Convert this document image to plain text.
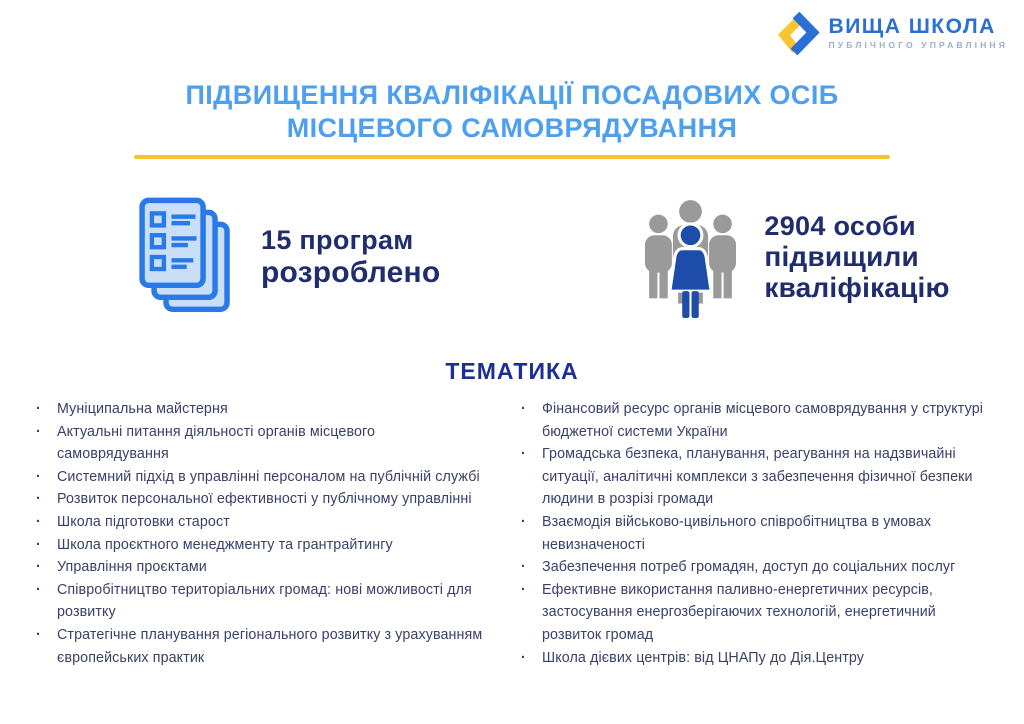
ВИЩА ШКОЛА
ПУБЛІЧНОГО УПРАВЛІННЯ
ПІДВИЩЕННЯ КВАЛІФІКАЦІЇ ПОСАДОВИХ ОСІБ МІСЦЕВОГО САМОВРЯДУВАННЯ
15 програм
розроблено
2904 особи
підвищили кваліфікацію
ТЕМАТИКА
· Муніципальна майстерня
· Актуальні питання діяльності органів місцевого самоврядування
· Системний підхід в управлінні персоналом на публічній службі
· Розвиток персональної ефективності у публічному управлінні
· Школа підготовки старост
· Школа проєктного менеджменту та грантрайтингу
· Управління проєктами
· Співробітництво територіальних громад: нові можливості для розвитку
· Стратегічне планування регіонального розвитку з урахуванням європейських практик
· Фінансовий ресурс органів місцевого самоврядування у структурі бюджетної системи України
· Громадська безпека, планування, реагування на надзвичайні ситуації, аналітичні комплекси з забезпечення фізичної безпеки людини в розрізі громади
· Взаємодія військово-цивільного співробітництва в умовах невизначеності
· Забезпечення потреб громадян, доступ до соціальних послуг
· Ефективне використання паливно-енергетичних ресурсів, застосування енергозберігаючих технологій, енергетичний розвиток громад
· Школа дієвих центрів: від ЦНАПу до Дія.Центру
